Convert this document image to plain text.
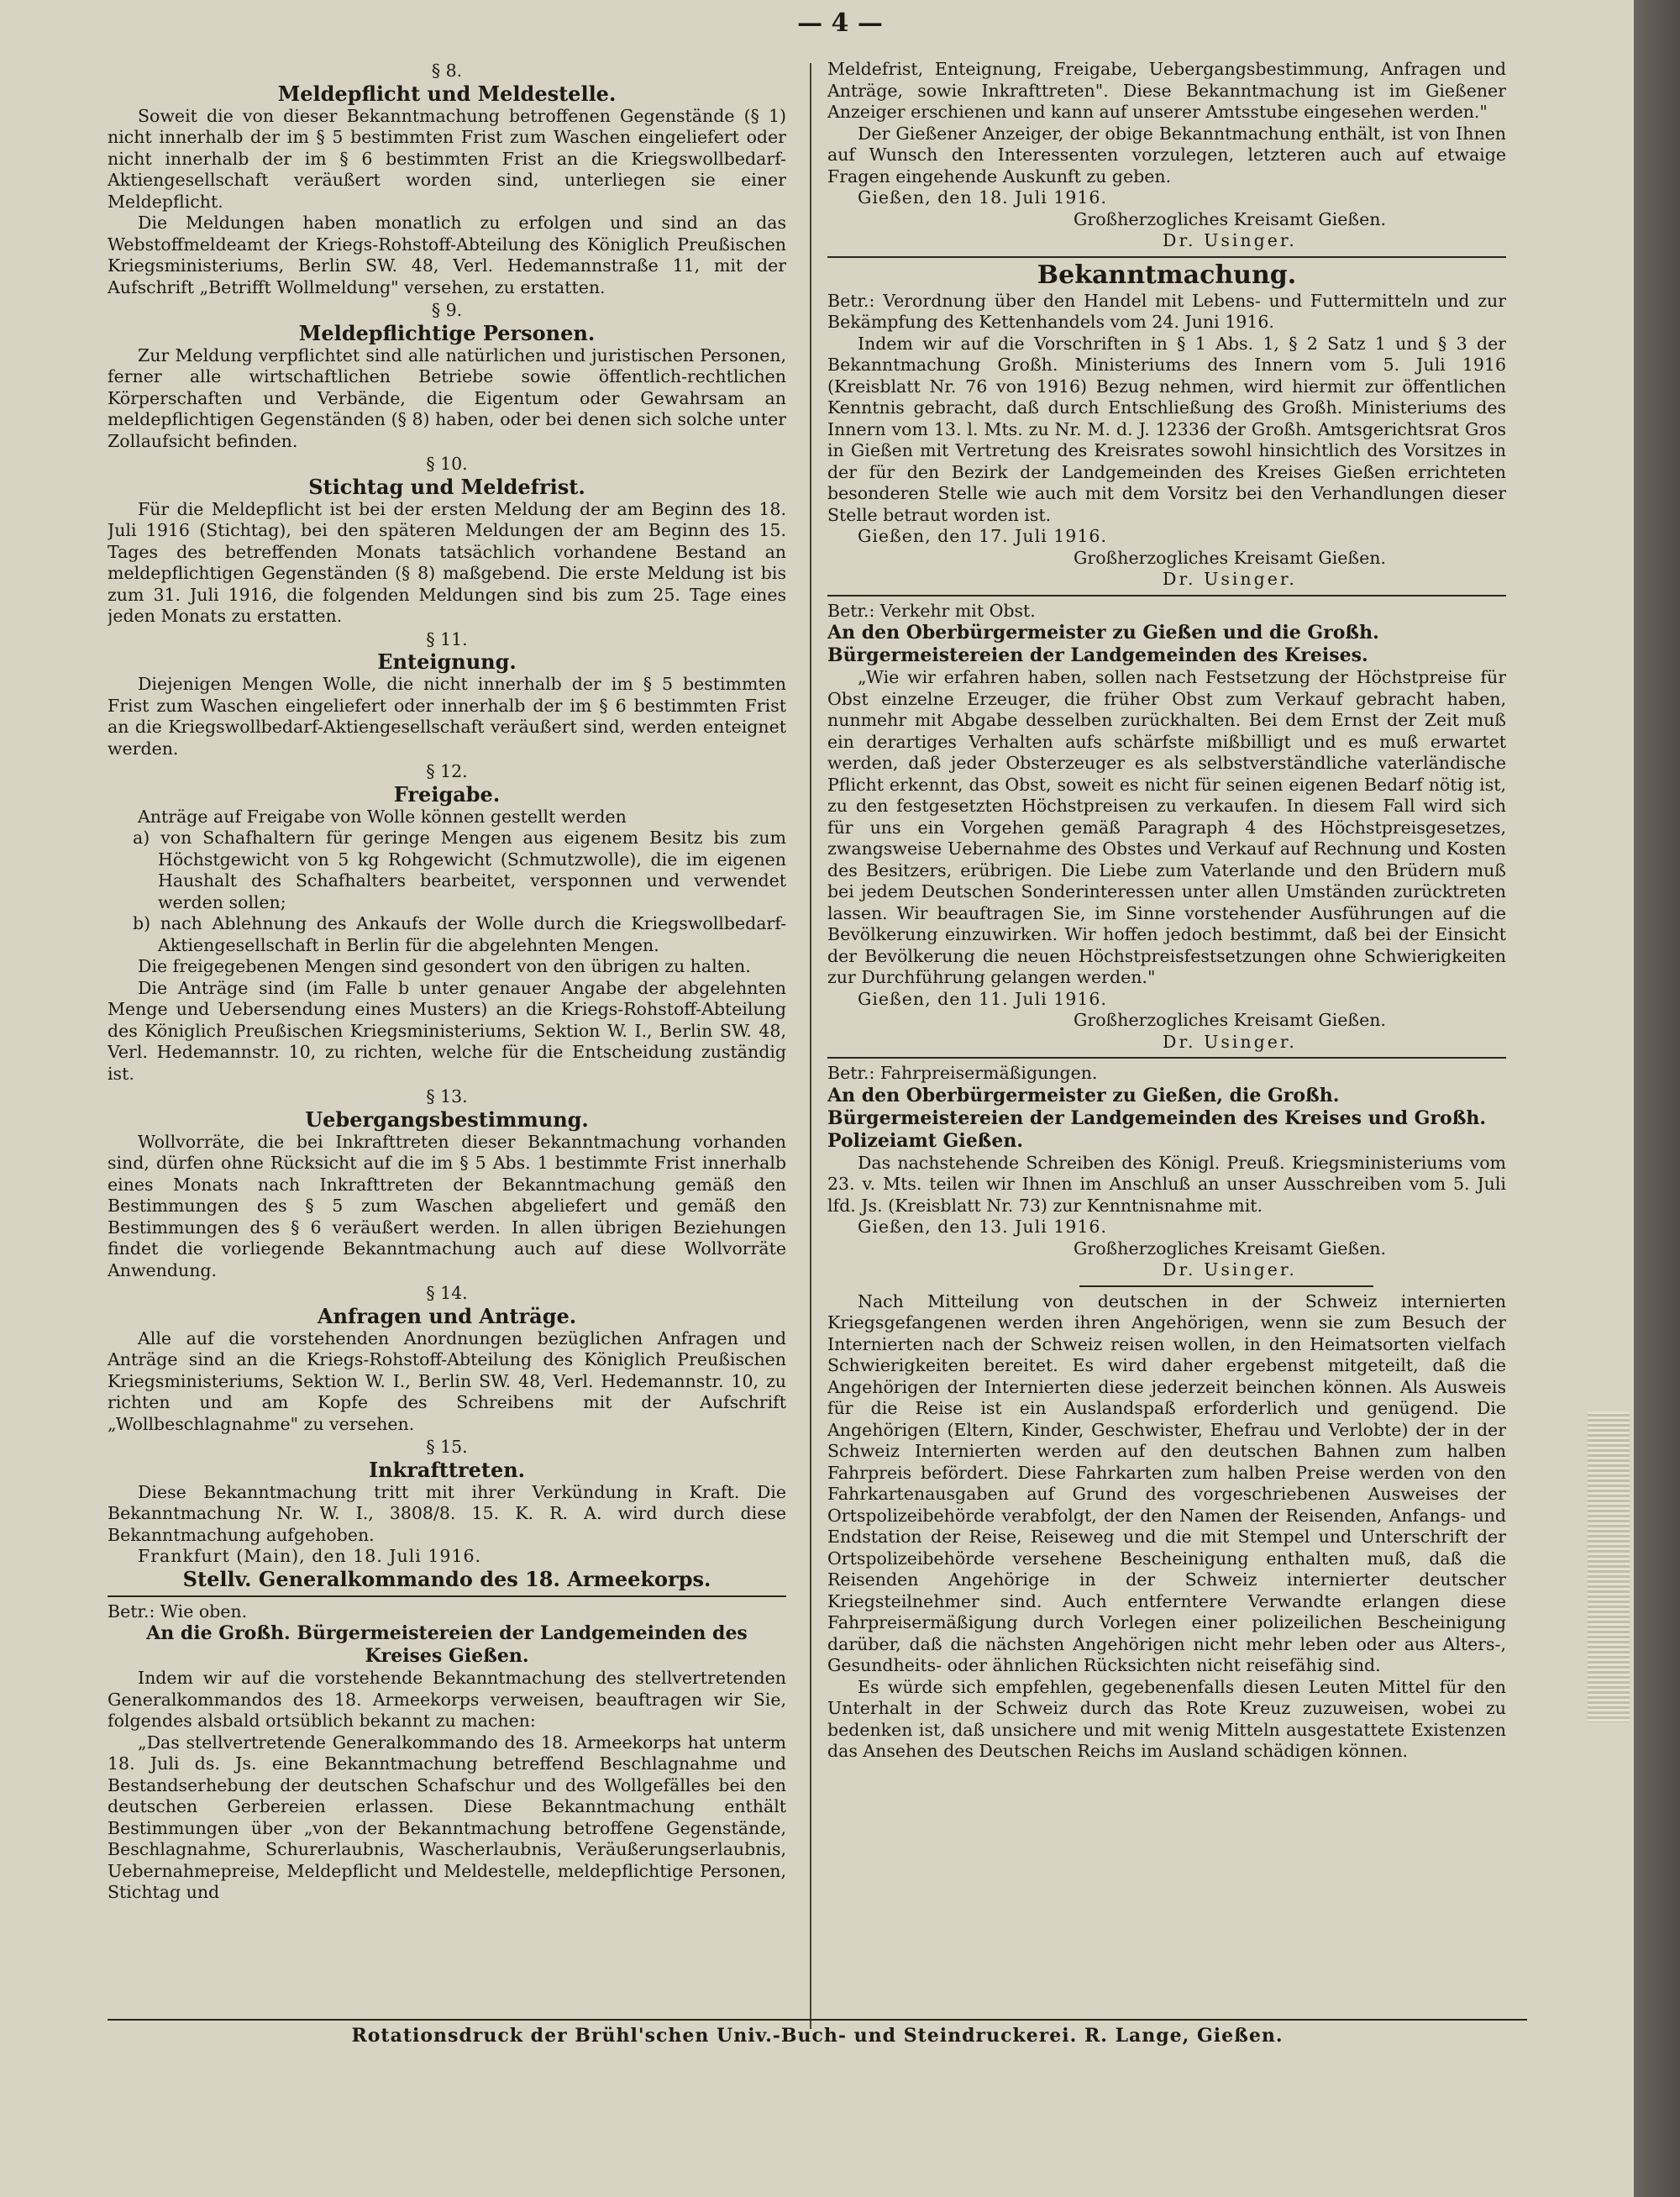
— 4 —

§ 8.

Meldepflicht und Meldestelle.

Soweit die von dieser Bekanntmachung betroffenen Gegenstände (§ 1) nicht innerhalb der im § 5 bestimmten Frist zum Waschen eingeliefert oder nicht innerhalb der im § 6 bestimmten Frist an die Kriegswollbedarf-Aktiengesellschaft veräußert worden sind, unterliegen sie einer Meldepflicht.

Die Meldungen haben monatlich zu erfolgen und sind an das Webstoffmeldeamt der Kriegs-Rohstoff-Abteilung des Königlich Preußischen Kriegsministeriums, Berlin SW. 48, Verl. Hedemannstraße 11, mit der Aufschrift „Betrifft Wollmeldung" versehen, zu erstatten.

§ 9.

Meldepflichtige Personen.

Zur Meldung verpflichtet sind alle natürlichen und juristischen Personen, ferner alle wirtschaftlichen Betriebe sowie öffentlich-rechtlichen Körperschaften und Verbände, die Eigentum oder Gewahrsam an meldepflichtigen Gegenständen (§ 8) haben, oder bei denen sich solche unter Zollaufsicht befinden.

§ 10.

Stichtag und Meldefrist.

Für die Meldepflicht ist bei der ersten Meldung der am Beginn des 18. Juli 1916 (Stichtag), bei den späteren Meldungen der am Beginn des 15. Tages des betreffenden Monats tatsächlich vorhandene Bestand an meldepflichtigen Gegenständen (§ 8) maßgebend. Die erste Meldung ist bis zum 31. Juli 1916, die folgenden Meldungen sind bis zum 25. Tage eines jeden Monats zu erstatten.

§ 11.

Enteignung.

Diejenigen Mengen Wolle, die nicht innerhalb der im § 5 bestimmten Frist zum Waschen eingeliefert oder innerhalb der im § 6 bestimmten Frist an die Kriegswollbedarf-Aktiengesellschaft veräußert sind, werden enteignet werden.

§ 12.

Freigabe.

Anträge auf Freigabe von Wolle können gestellt werden

a) von Schafhaltern für geringe Mengen aus eigenem Besitz bis zum Höchstgewicht von 5 kg Rohgewicht (Schmutzwolle), die im eigenen Haushalt des Schafhalters bearbeitet, versponnen und verwendet werden sollen;

b) nach Ablehnung des Ankaufs der Wolle durch die Kriegswollbedarf-Aktiengesellschaft in Berlin für die abgelehnten Mengen.

Die freigegebenen Mengen sind gesondert von den übrigen zu halten.

Die Anträge sind (im Falle b unter genauer Angabe der abgelehnten Menge und Uebersendung eines Musters) an die Kriegs-Rohstoff-Abteilung des Königlich Preußischen Kriegsministeriums, Sektion W. I., Berlin SW. 48, Verl. Hedemannstr. 10, zu richten, welche für die Entscheidung zuständig ist.

§ 13.

Uebergangsbestimmung.

Wollvorräte, die bei Inkrafttreten dieser Bekanntmachung vorhanden sind, dürfen ohne Rücksicht auf die im § 5 Abs. 1 bestimmte Frist innerhalb eines Monats nach Inkrafttreten der Bekanntmachung gemäß den Bestimmungen des § 5 zum Waschen abgeliefert und gemäß den Bestimmungen des § 6 veräußert werden. In allen übrigen Beziehungen findet die vorliegende Bekanntmachung auch auf diese Wollvorräte Anwendung.

§ 14.

Anfragen und Anträge.

Alle auf die vorstehenden Anordnungen bezüglichen Anfragen und Anträge sind an die Kriegs-Rohstoff-Abteilung des Königlich Preußischen Kriegsministeriums, Sektion W. I., Berlin SW. 48, Verl. Hedemannstr. 10, zu richten und am Kopfe des Schreibens mit der Aufschrift „Wollbeschlagnahme" zu versehen.

§ 15.

Inkrafttreten.

Diese Bekanntmachung tritt mit ihrer Verkündung in Kraft. Die Bekanntmachung Nr. W. I., 3808/8. 15. K. R. A. wird durch diese Bekanntmachung aufgehoben.

Frankfurt (Main), den 18. Juli 1916.

Stellv. Generalkommando des 18. Armeekorps.

Betr.: Wie oben.

An die Großh. Bürgermeistereien der Landgemeinden des Kreises Gießen.

Indem wir auf die vorstehende Bekanntmachung des stellvertretenden Generalkommandos des 18. Armeekorps verweisen, beauftragen wir Sie, folgendes alsbald ortsüblich bekannt zu machen:

„Das stellvertretende Generalkommando des 18. Armeekorps hat unterm 18. Juli ds. Js. eine Bekanntmachung betreffend Beschlagnahme und Bestandserhebung der deutschen Schafschur und des Wollgefälles bei den deutschen Gerbereien erlassen. Diese Bekanntmachung enthält Bestimmungen über „von der Bekanntmachung betroffene Gegenstände, Beschlagnahme, Schurerlaubnis, Wascherlaubnis, Veräußerungserlaubnis, Uebernahmepreise, Meldepflicht und Meldestelle, meldepflichtige Personen, Stichtag und

Meldefrist, Enteignung, Freigabe, Uebergangsbestimmung, Anfragen und Anträge, sowie Inkrafttreten". Diese Bekanntmachung ist im Gießener Anzeiger erschienen und kann auf unserer Amtsstube eingesehen werden."

Der Gießener Anzeiger, der obige Bekanntmachung enthält, ist von Ihnen auf Wunsch den Interessenten vorzulegen, letzteren auch auf etwaige Fragen eingehende Auskunft zu geben.

Gießen, den 18. Juli 1916.

Großherzogliches Kreisamt Gießen.

Dr. Usinger.

Bekanntmachung.

Betr.: Verordnung über den Handel mit Lebens- und Futtermitteln und zur Bekämpfung des Kettenhandels vom 24. Juni 1916.

Indem wir auf die Vorschriften in § 1 Abs. 1, § 2 Satz 1 und § 3 der Bekanntmachung Großh. Ministeriums des Innern vom 5. Juli 1916 (Kreisblatt Nr. 76 von 1916) Bezug nehmen, wird hiermit zur öffentlichen Kenntnis gebracht, daß durch Entschließung des Großh. Ministeriums des Innern vom 13. l. Mts. zu Nr. M. d. J. 12336 der Großh. Amtsgerichtsrat Gros in Gießen mit Vertretung des Kreisrates sowohl hinsichtlich des Vorsitzes in der für den Bezirk der Landgemeinden des Kreises Gießen errichteten besonderen Stelle wie auch mit dem Vorsitz bei den Verhandlungen dieser Stelle betraut worden ist.

Gießen, den 17. Juli 1916.

Großherzogliches Kreisamt Gießen.

Dr. Usinger.

Betr.: Verkehr mit Obst.

An den Oberbürgermeister zu Gießen und die Großh. Bürgermeistereien der Landgemeinden des Kreises.

„Wie wir erfahren haben, sollen nach Festsetzung der Höchstpreise für Obst einzelne Erzeuger, die früher Obst zum Verkauf gebracht haben, nunmehr mit Abgabe desselben zurückhalten. Bei dem Ernst der Zeit muß ein derartiges Verhalten aufs schärfste mißbilligt und es muß erwartet werden, daß jeder Obsterzeuger es als selbstverständliche vaterländische Pflicht erkennt, das Obst, soweit es nicht für seinen eigenen Bedarf nötig ist, zu den festgesetzten Höchstpreisen zu verkaufen. In diesem Fall wird sich für uns ein Vorgehen gemäß Paragraph 4 des Höchstpreisgesetzes, zwangsweise Uebernahme des Obstes und Verkauf auf Rechnung und Kosten des Besitzers, erübrigen. Die Liebe zum Vaterlande und den Brüdern muß bei jedem Deutschen Sonderinteressen unter allen Umständen zurücktreten lassen. Wir beauftragen Sie, im Sinne vorstehender Ausführungen auf die Bevölkerung einzuwirken. Wir hoffen jedoch bestimmt, daß bei der Einsicht der Bevölkerung die neuen Höchstpreisfestsetzungen ohne Schwierigkeiten zur Durchführung gelangen werden."

Gießen, den 11. Juli 1916.

Großherzogliches Kreisamt Gießen.

Dr. Usinger.

Betr.: Fahrpreisermäßigungen.

An den Oberbürgermeister zu Gießen, die Großh. Bürgermeistereien der Landgemeinden des Kreises und Großh. Polizeiamt Gießen.

Das nachstehende Schreiben des Königl. Preuß. Kriegsministeriums vom 23. v. Mts. teilen wir Ihnen im Anschluß an unser Ausschreiben vom 5. Juli lfd. Js. (Kreisblatt Nr. 73) zur Kenntnisnahme mit.

Gießen, den 13. Juli 1916.

Großherzogliches Kreisamt Gießen.

Dr. Usinger.

Nach Mitteilung von deutschen in der Schweiz internierten Kriegsgefangenen werden ihren Angehörigen, wenn sie zum Besuch der Internierten nach der Schweiz reisen wollen, in den Heimatsorten vielfach Schwierigkeiten bereitet. Es wird daher ergebenst mitgeteilt, daß die Angehörigen der Internierten diese jederzeit beinchen können. Als Ausweis für die Reise ist ein Auslandspaß erforderlich und genügend. Die Angehörigen (Eltern, Kinder, Geschwister, Ehefrau und Verlobte) der in der Schweiz Internierten werden auf den deutschen Bahnen zum halben Fahrpreis befördert. Diese Fahrkarten zum halben Preise werden von den Fahrkartenausgaben auf Grund des vorgeschriebenen Ausweises der Ortspolizeibehörde verabfolgt, der den Namen der Reisenden, Anfangs- und Endstation der Reise, Reiseweg und die mit Stempel und Unterschrift der Ortspolizeibehörde versehene Bescheinigung enthalten muß, daß die Reisenden Angehörige in der Schweiz internierter deutscher Kriegsteilnehmer sind. Auch entferntere Verwandte erlangen diese Fahrpreisermäßigung durch Vorlegen einer polizeilichen Bescheinigung darüber, daß die nächsten Angehörigen nicht mehr leben oder aus Alters-, Gesundheits- oder ähnlichen Rücksichten nicht reisefähig sind.

Es würde sich empfehlen, gegebenenfalls diesen Leuten Mittel für den Unterhalt in der Schweiz durch das Rote Kreuz zuzuweisen, wobei zu bedenken ist, daß unsichere und mit wenig Mitteln ausgestattete Existenzen das Ansehen des Deutschen Reichs im Ausland schädigen können.

Rotationsdruck der Brühl'schen Univ.-Buch- und Steindruckerei. R. Lange, Gießen.
